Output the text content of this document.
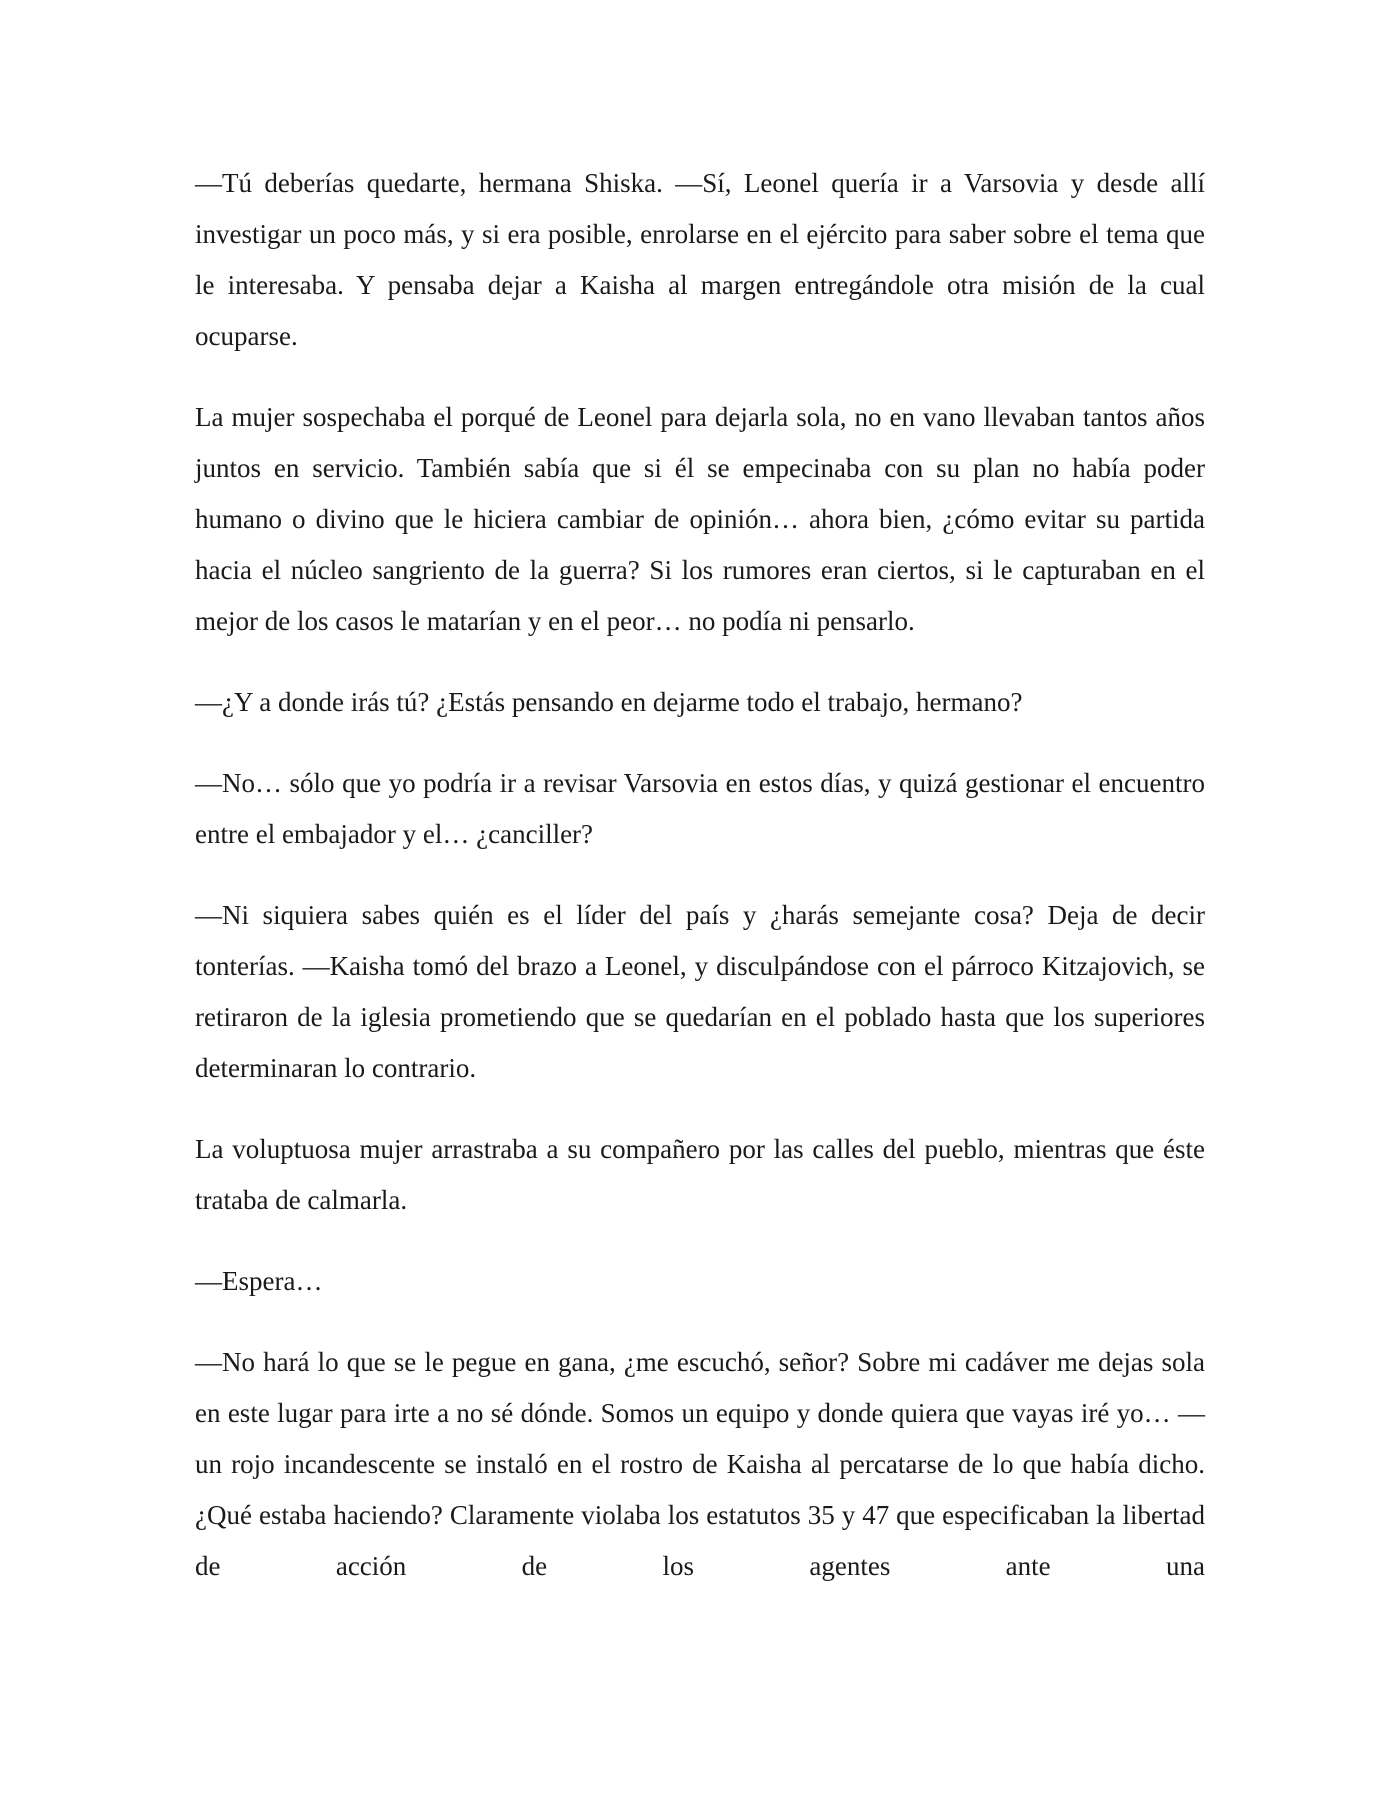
—Tú deberías quedarte, hermana Shiska. —Sí, Leonel quería ir a Varsovia y desde allí investigar un poco más, y si era posible, enrolarse en el ejército para saber sobre el tema que le interesaba. Y pensaba dejar a Kaisha al margen entregándole otra misión de la cual ocuparse.

La mujer sospechaba el porqué de Leonel para dejarla sola, no en vano llevaban tantos años juntos en servicio. También sabía que si él se empecinaba con su plan no había poder humano o divino que le hiciera cambiar de opinión… ahora bien, ¿cómo evitar su partida hacia el núcleo sangriento de la guerra? Si los rumores eran ciertos, si le capturaban en el mejor de los casos le matarían y en el peor… no podía ni pensarlo.

—¿Y a donde irás tú? ¿Estás pensando en dejarme todo el trabajo, hermano?

—No… sólo que yo podría ir a revisar Varsovia en estos días, y quizá gestionar el encuentro entre el embajador y el… ¿canciller?

—Ni siquiera sabes quién es el líder del país y ¿harás semejante cosa? Deja de decir tonterías. —Kaisha tomó del brazo a Leonel, y disculpándose con el párroco Kitzajovich, se retiraron de la iglesia prometiendo que se quedarían en el poblado hasta que los superiores determinaran lo contrario.

La voluptuosa mujer arrastraba a su compañero por las calles del pueblo, mientras que éste trataba de calmarla.

—Espera…

—No hará lo que se le pegue en gana, ¿me escuchó, señor? Sobre mi cadáver me dejas sola en este lugar para irte a no sé dónde. Somos un equipo y donde quiera que vayas iré yo… —un rojo incandescente se instaló en el rostro de Kaisha al percatarse de lo que había dicho. ¿Qué estaba haciendo? Claramente violaba los estatutos 35 y 47 que especificaban la libertad de acción de los agentes ante una
